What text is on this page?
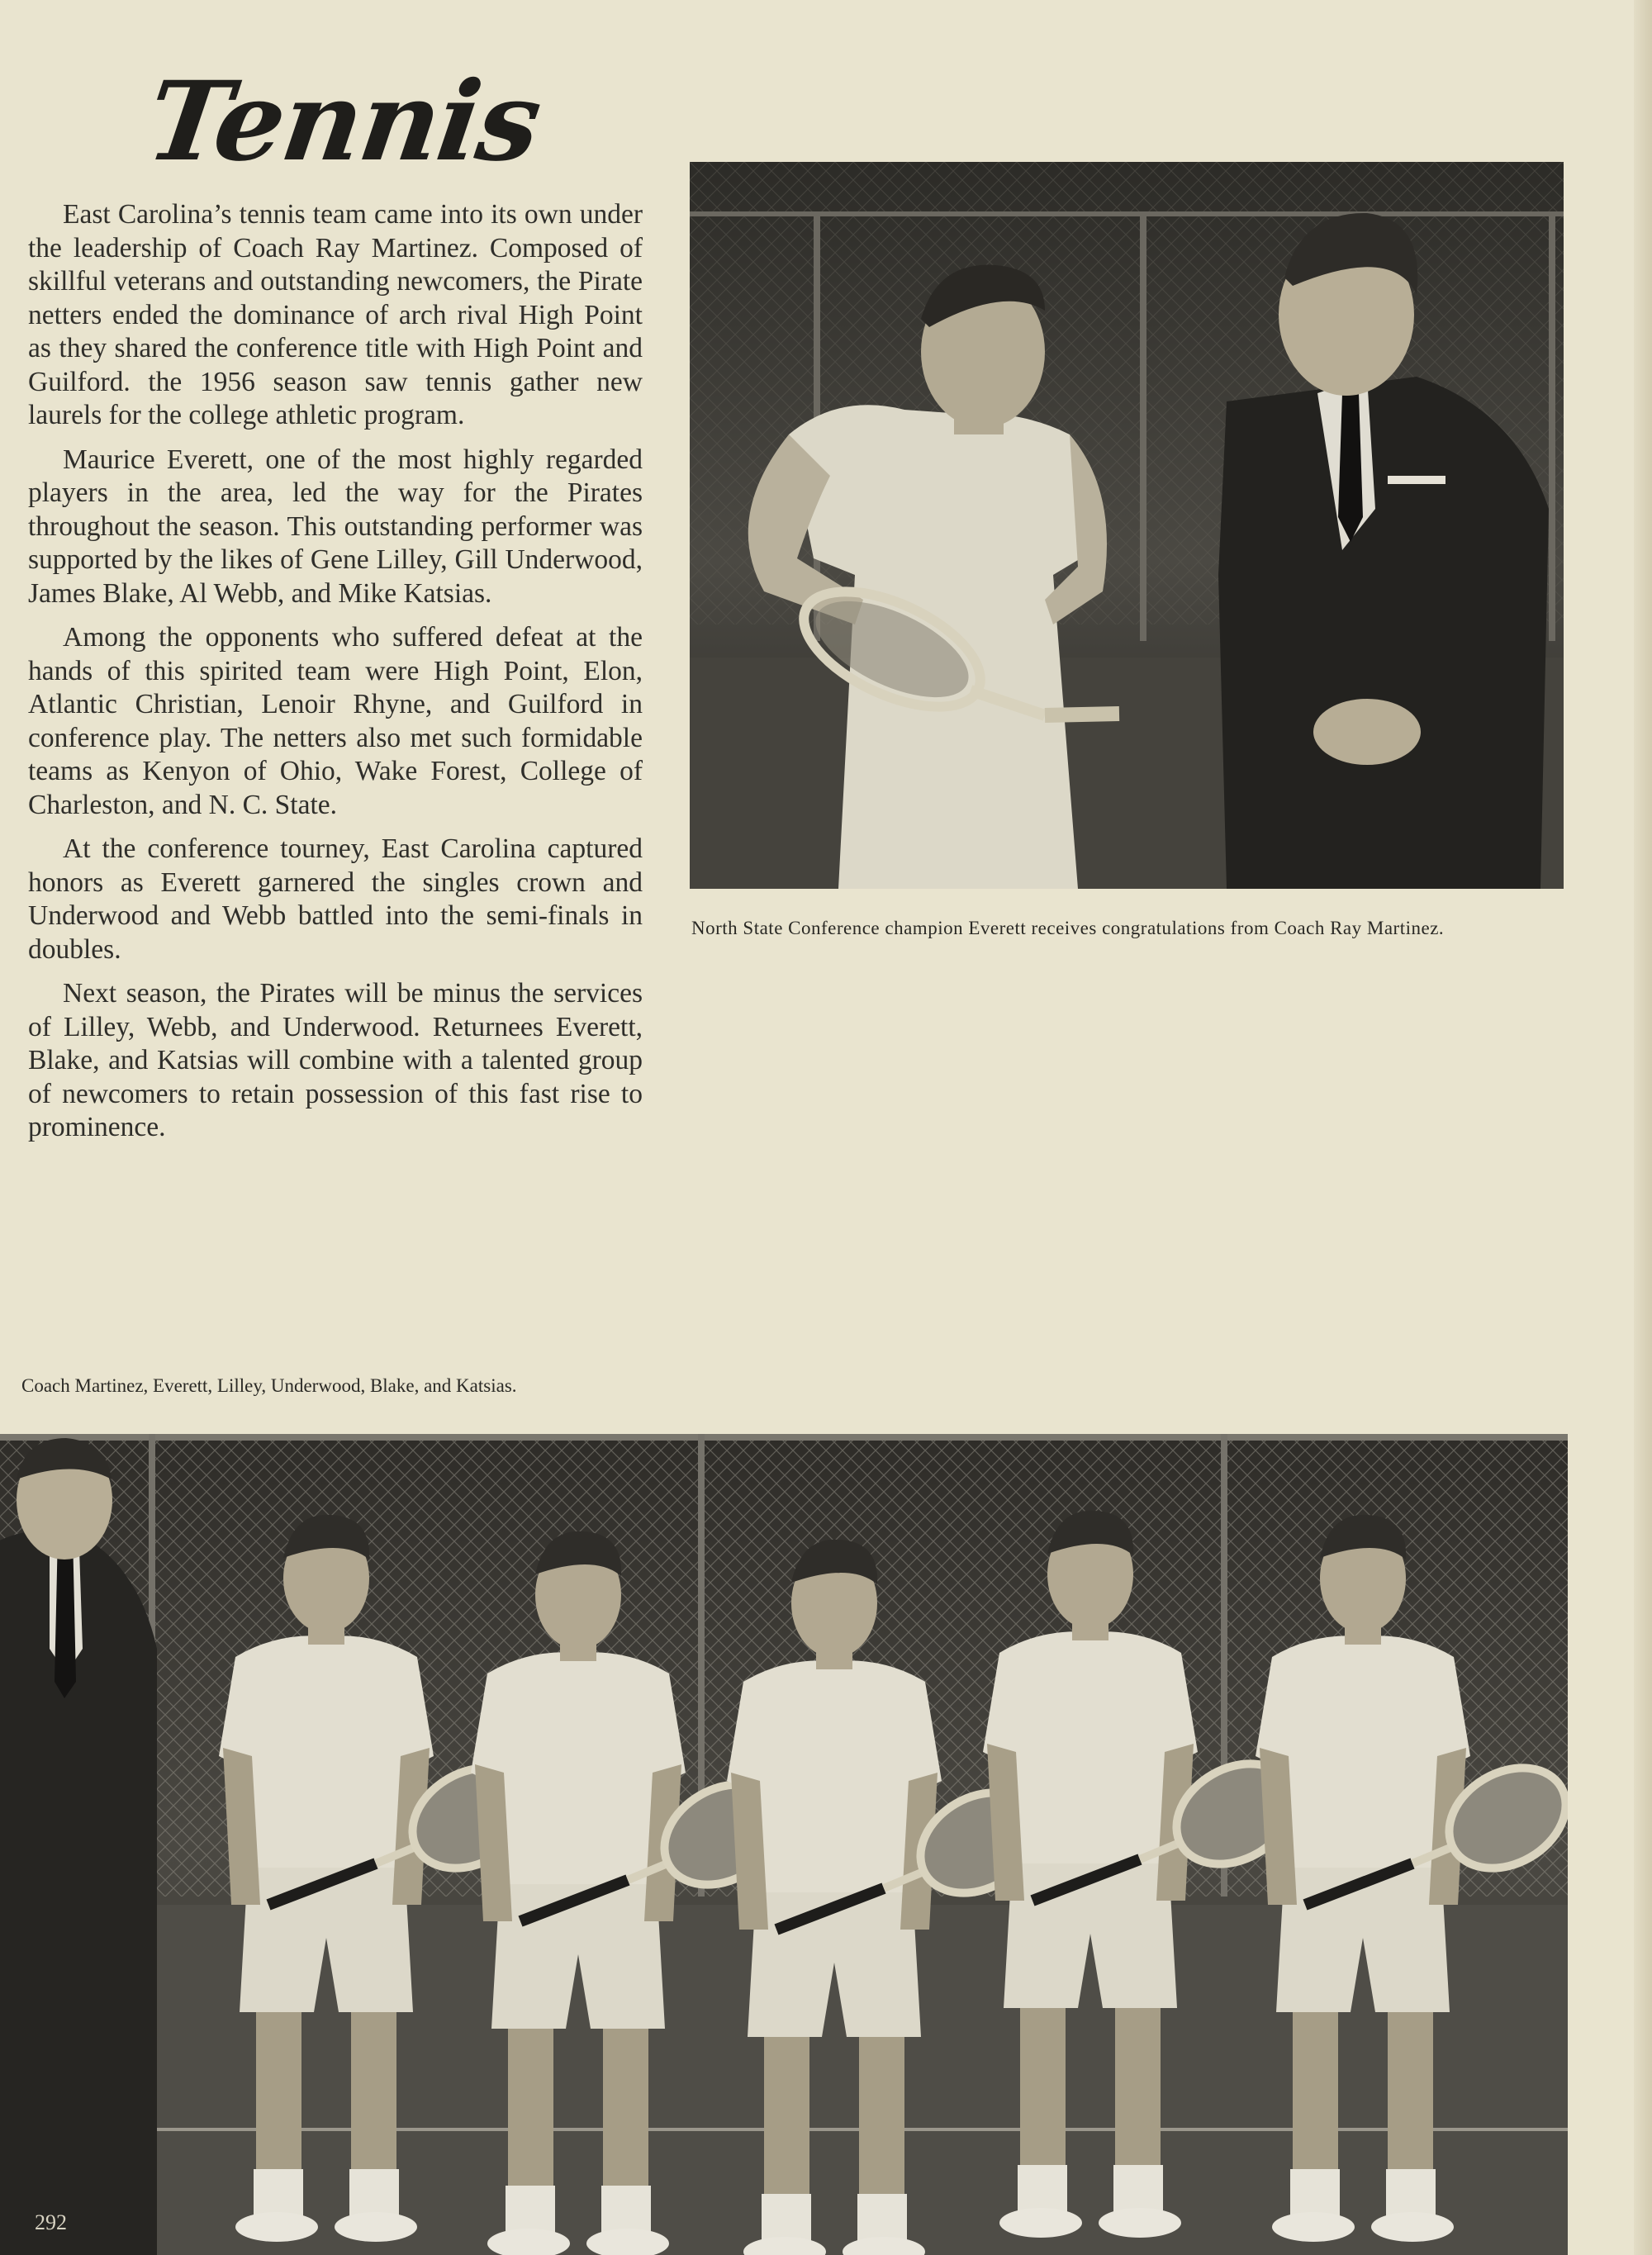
Tennis

East Carolina’s tennis team came into its own under the leadership of Coach Ray Martinez. Composed of skillful veterans and outstanding newcomers, the Pirate netters ended the dominance of arch rival High Point as they shared the conference title with High Point and Guilford. the 1956 season saw tennis gather new laurels for the college athletic program.

Maurice Everett, one of the most highly regarded players in the area, led the way for the Pirates throughout the season. This outstanding performer was supported by the likes of Gene Lilley, Gill Underwood, James Blake, Al Webb, and Mike Katsias.

Among the opponents who suffered defeat at the hands of this spirited team were High Point, Elon, Atlantic Christian, Lenoir Rhyne, and Guilford in conference play. The netters also met such formidable teams as Kenyon of Ohio, Wake Forest, College of Charleston, and N. C. State.

At the conference tourney, East Carolina captured honors as Everett garnered the singles crown and Underwood and Webb battled into the semi-finals in doubles.

Next season, the Pirates will be minus the services of Lilley, Webb, and Underwood. Returnees Everett, Blake, and Katsias will combine with a talented group of newcomers to retain possession of this fast rise to prominence.

North State Conference champion Everett receives congratulations from Coach Ray Martinez.
Coach Martinez, Everett, Lilley, Underwood, Blake, and Katsias.
292
